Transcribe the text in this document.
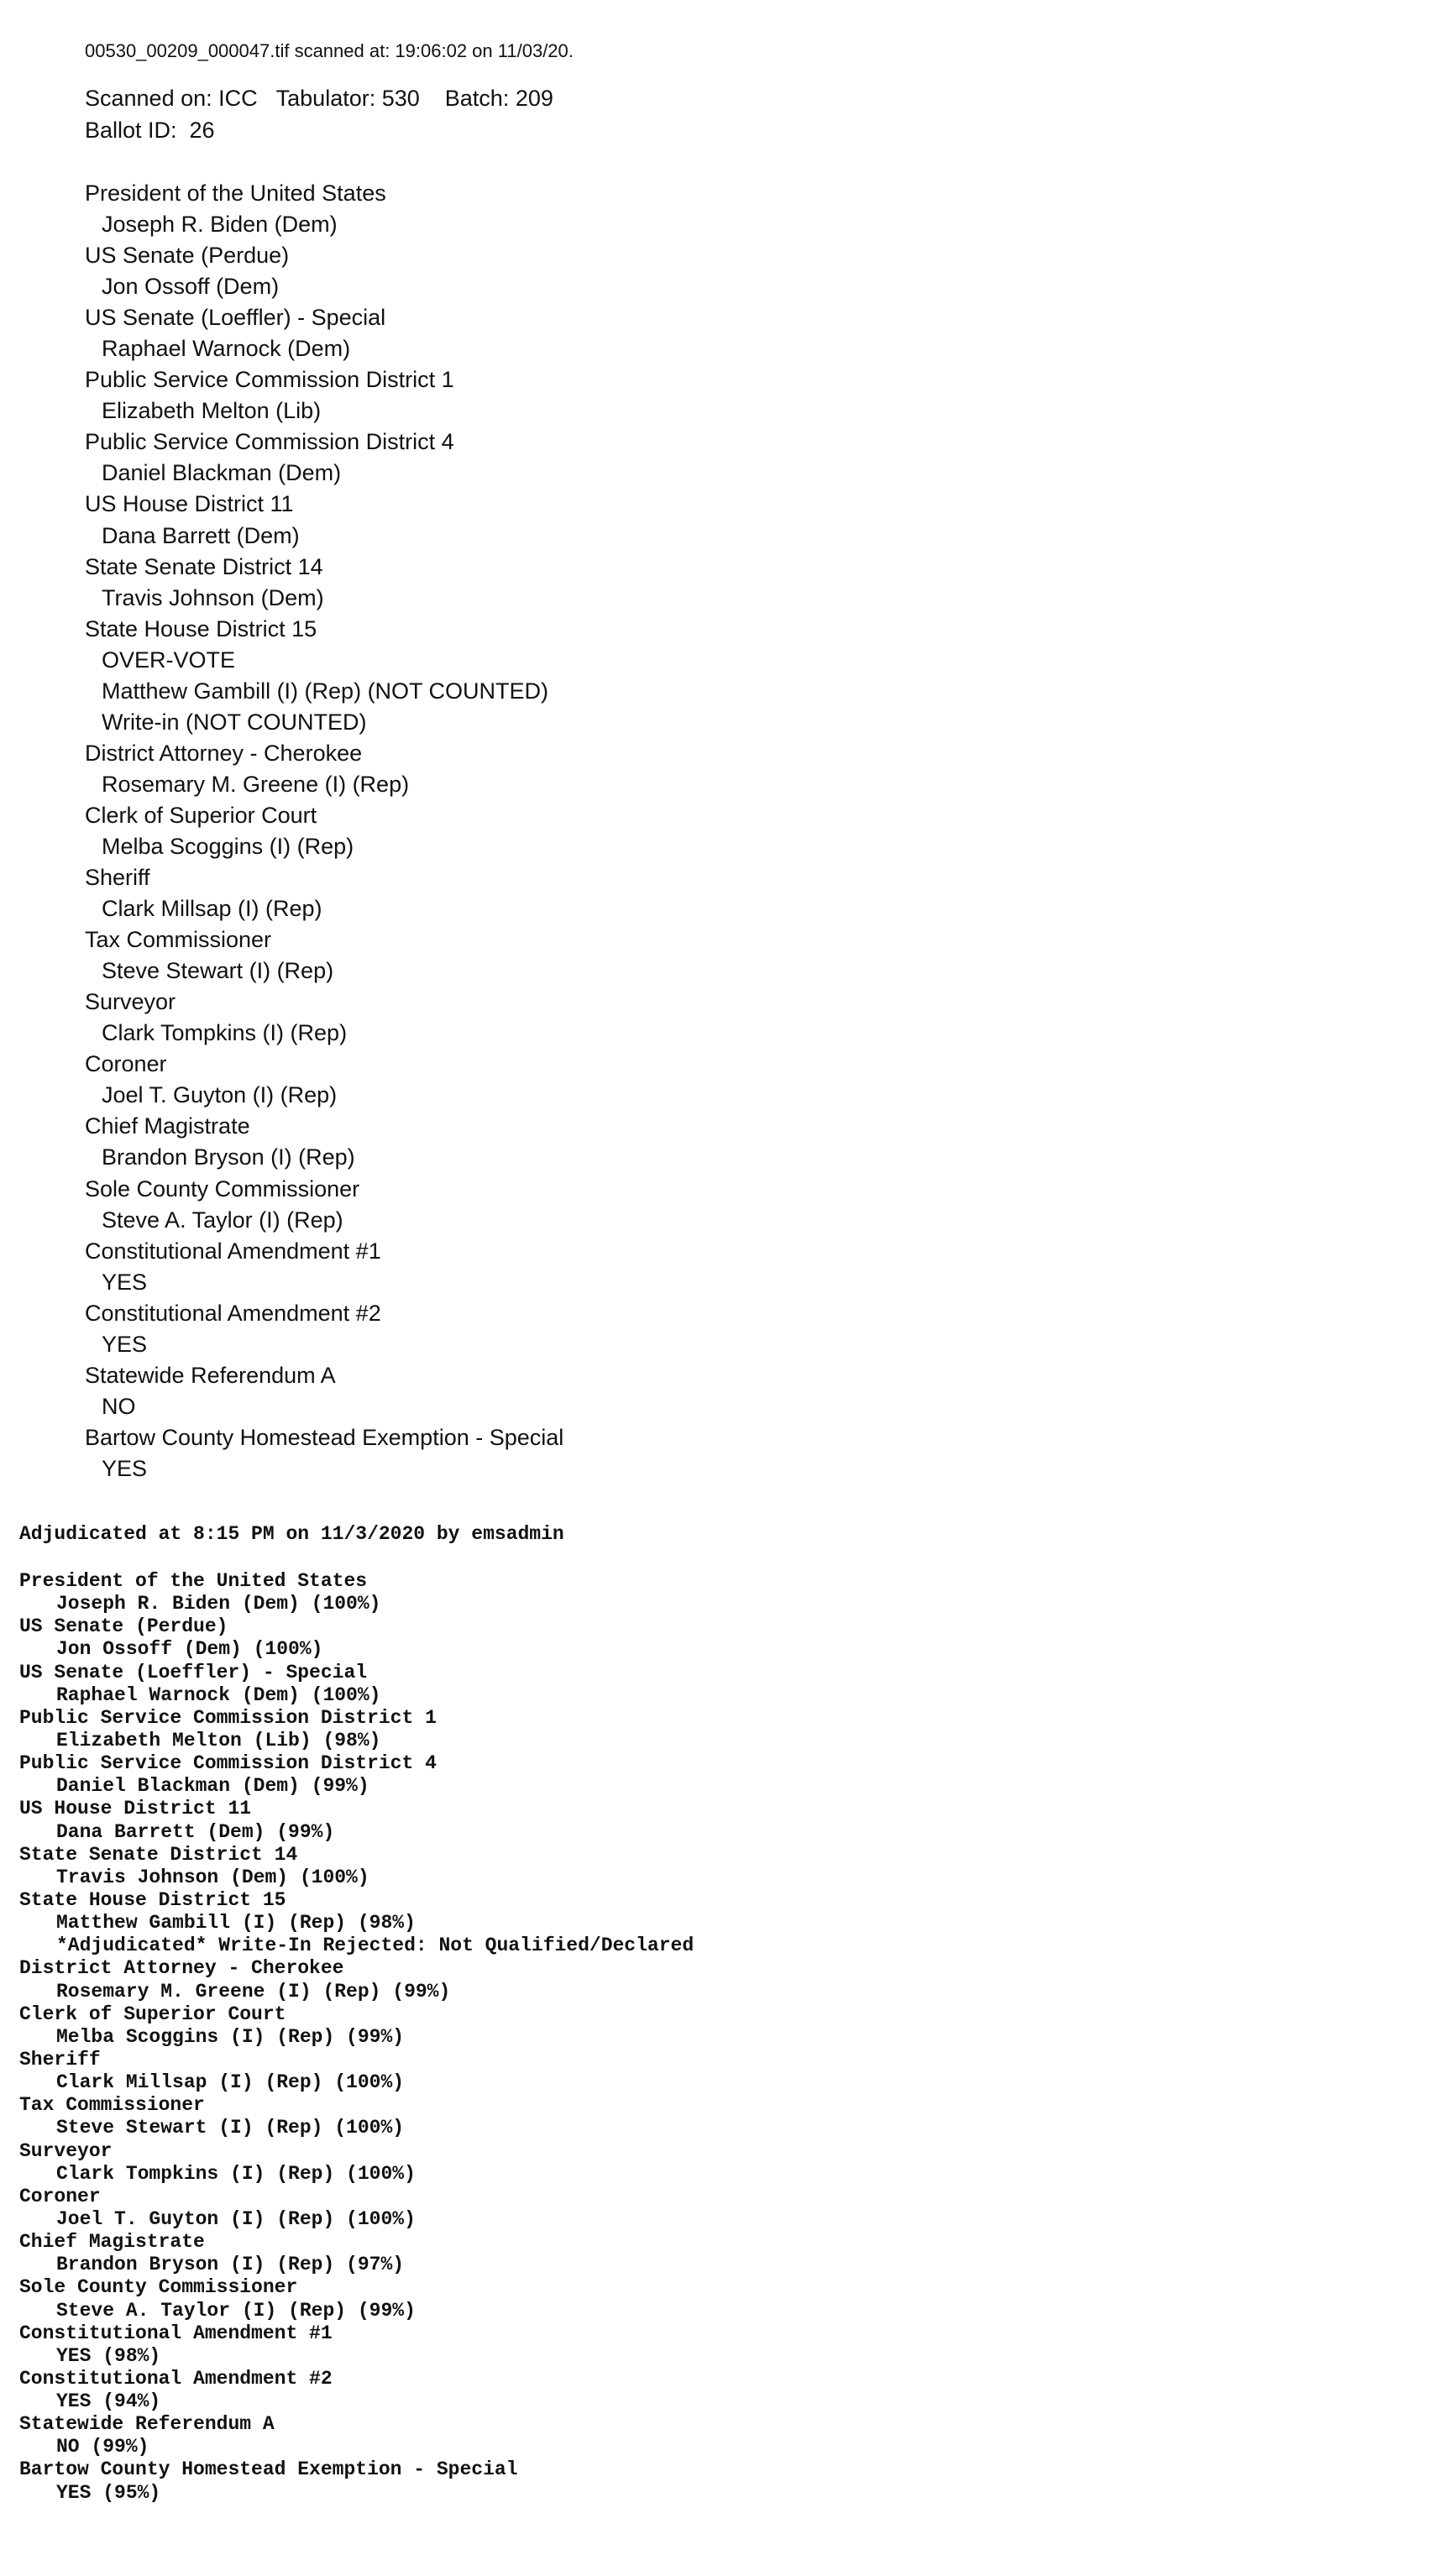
00530_00209_000047.tif scanned at: 19:06:02 on 11/03/20.
Scanned on: ICC   Tabulator: 530    Batch: 209
Ballot ID:  26
President of the United States
Joseph R. Biden (Dem)
US Senate (Perdue)
Jon Ossoff (Dem)
US Senate (Loeffler) - Special
Raphael Warnock (Dem)
Public Service Commission District 1
Elizabeth Melton (Lib)
Public Service Commission District 4
Daniel Blackman (Dem)
US House District 11
Dana Barrett (Dem)
State Senate District 14
Travis Johnson (Dem)
State House District 15
OVER-VOTE
Matthew Gambill (I) (Rep) (NOT COUNTED)
Write-in (NOT COUNTED)
District Attorney - Cherokee
Rosemary M. Greene (I) (Rep)
Clerk of Superior Court
Melba Scoggins (I) (Rep)
Sheriff
Clark Millsap (I) (Rep)
Tax Commissioner
Steve Stewart (I) (Rep)
Surveyor
Clark Tompkins (I) (Rep)
Coroner
Joel T. Guyton (I) (Rep)
Chief Magistrate
Brandon Bryson (I) (Rep)
Sole County Commissioner
Steve A. Taylor (I) (Rep)
Constitutional Amendment #1
YES
Constitutional Amendment #2
YES
Statewide Referendum A
NO
Bartow County Homestead Exemption - Special
YES
Adjudicated at 8:15 PM on 11/3/2020 by emsadmin
President of the United States
Joseph R. Biden (Dem) (100%)
US Senate (Perdue)
Jon Ossoff (Dem) (100%)
US Senate (Loeffler) - Special
Raphael Warnock (Dem) (100%)
Public Service Commission District 1
Elizabeth Melton (Lib) (98%)
Public Service Commission District 4
Daniel Blackman (Dem) (99%)
US House District 11
Dana Barrett (Dem) (99%)
State Senate District 14
Travis Johnson (Dem) (100%)
State House District 15
Matthew Gambill (I) (Rep) (98%)
*Adjudicated* Write-In Rejected: Not Qualified/Declared
District Attorney - Cherokee
Rosemary M. Greene (I) (Rep) (99%)
Clerk of Superior Court
Melba Scoggins (I) (Rep) (99%)
Sheriff
Clark Millsap (I) (Rep) (100%)
Tax Commissioner
Steve Stewart (I) (Rep) (100%)
Surveyor
Clark Tompkins (I) (Rep) (100%)
Coroner
Joel T. Guyton (I) (Rep) (100%)
Chief Magistrate
Brandon Bryson (I) (Rep) (97%)
Sole County Commissioner
Steve A. Taylor (I) (Rep) (99%)
Constitutional Amendment #1
YES (98%)
Constitutional Amendment #2
YES (94%)
Statewide Referendum A
NO (99%)
Bartow County Homestead Exemption - Special
YES (95%)
